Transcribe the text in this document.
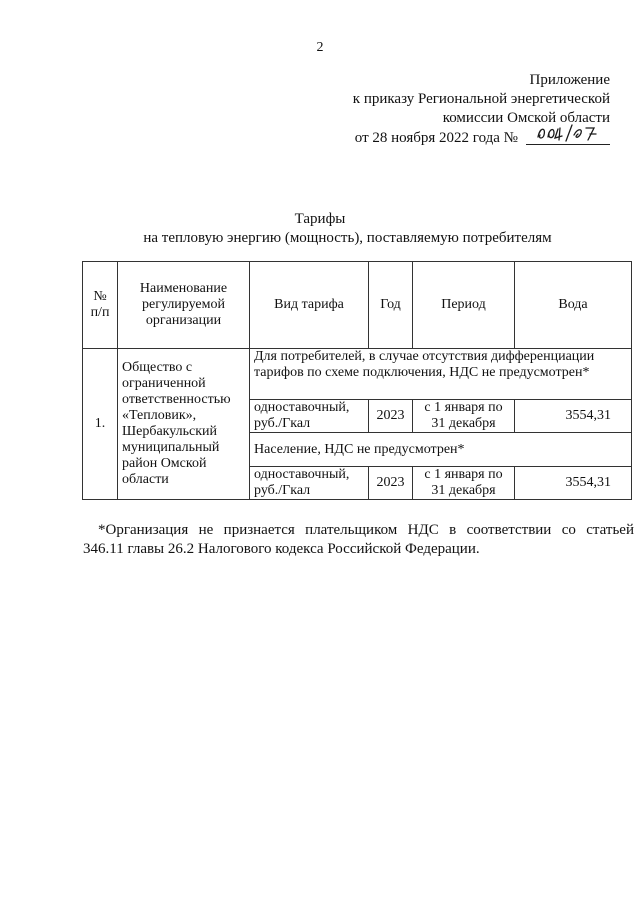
2
Приложение
к приказу Региональной энергетической
комиссии Омской области
от 28 ноября 2022 года №
Тарифы
на тепловую энергию (мощность), поставляемую потребителям
№ п/п	Наименование регулируемой организации	Вид тарифа	Год	Период	Вода
1.	Общество с ограниченной ответственностью «Тепловик», Шербакульский муниципальный район Омской области	Для потребителей, в случае отсутствия дифференциации тарифов по схеме подключения, НДС не предусмотрен*			
		одноставочный, руб./Гкал	2023	с 1 января по 31 декабря	3554,31
		Население, НДС не предусмотрен*			
		одноставочный, руб./Гкал	2023	с 1 января по 31 декабря	3554,31
*Организация не признается плательщиком НДС в соответствии со статьей
346.11 главы 26.2 Налогового кодекса Российской Федерации.
